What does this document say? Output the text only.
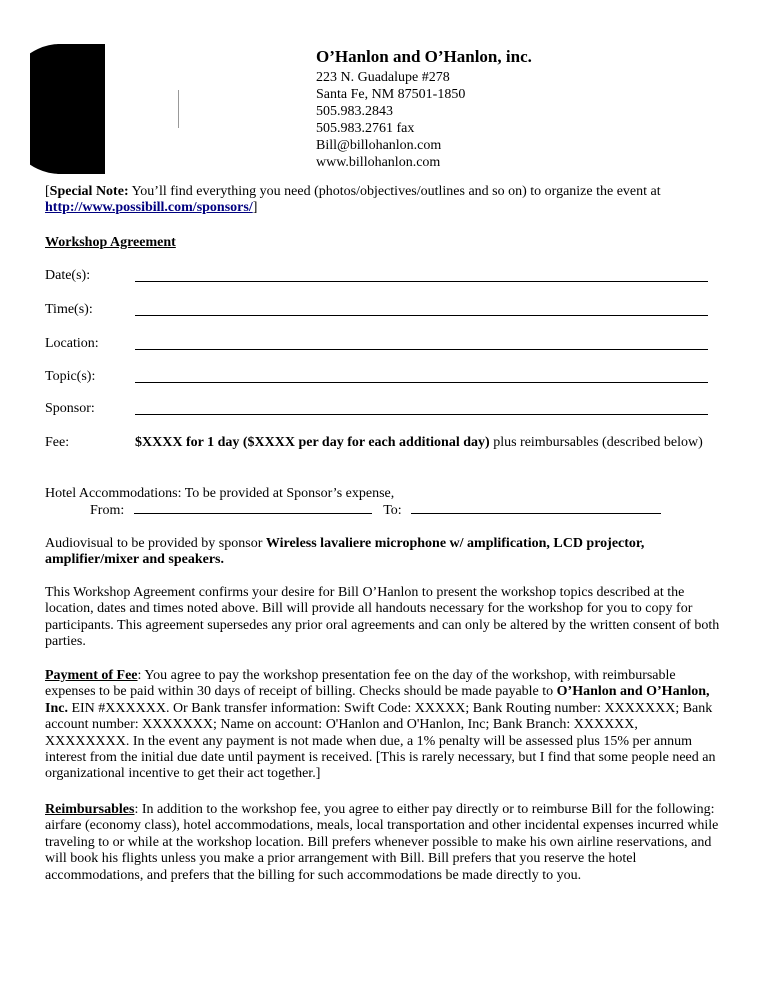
p o ss i bi li ti es
O’Hanlon and O’Hanlon, inc.
223 N. Guadalupe #278
Santa Fe, NM 87501-1850
505.983.2843
505.983.2761 fax
Bill@billohanlon.com
www.billohanlon.com

[Special Note: You’ll find everything you need (photos/objectives/outlines and so on) to organize the event at http://www.possibill.com/sponsors/]

Workshop Agreement
Date(s):
Time(s):
Location:
Topic(s):
Sponsor:
Fee:	$XXXX for 1 day ($XXXX per day for each additional day) plus reimbursables (described below)
Hotel Accommodations: To be provided at Sponsor’s expense,
From:	To:

Audiovisual to be provided by sponsor Wireless lavaliere microphone w/ amplification, LCD projector, amplifier/mixer and speakers.

This Workshop Agreement confirms your desire for Bill O’Hanlon to present the workshop topics described at the location, dates and times noted above. Bill will provide all handouts necessary for the workshop for you to copy for participants. This agreement supersedes any prior oral agreements and can only be altered by the written consent of both parties.

Payment of Fee: You agree to pay the workshop presentation fee on the day of the workshop, with reimbursable expenses to be paid within 30 days of receipt of billing. Checks should be made payable to O’Hanlon and O’Hanlon, Inc. EIN #XXXXXX. Or Bank transfer information: Swift Code: XXXXX; Bank Routing number: XXXXXXX; Bank account number: XXXXXXX; Name on account: O'Hanlon and O'Hanlon, Inc; Bank Branch: XXXXXX, XXXXXXXX. In the event any payment is not made when due, a 1% penalty will be assessed plus 15% per annum interest from the initial due date until payment is received. [This is rarely necessary, but I find that some people need an organizational incentive to get their act together.]

Reimbursables: In addition to the workshop fee, you agree to either pay directly or to reimburse Bill for the following: airfare (economy class), hotel accommodations, meals, local transportation and other incidental expenses incurred while traveling to or while at the workshop location. Bill prefers whenever possible to make his own airline reservations, and will book his flights unless you make a prior arrangement with Bill. Bill prefers that you reserve the hotel accommodations, and prefers that the billing for such accommodations be made directly to you.
